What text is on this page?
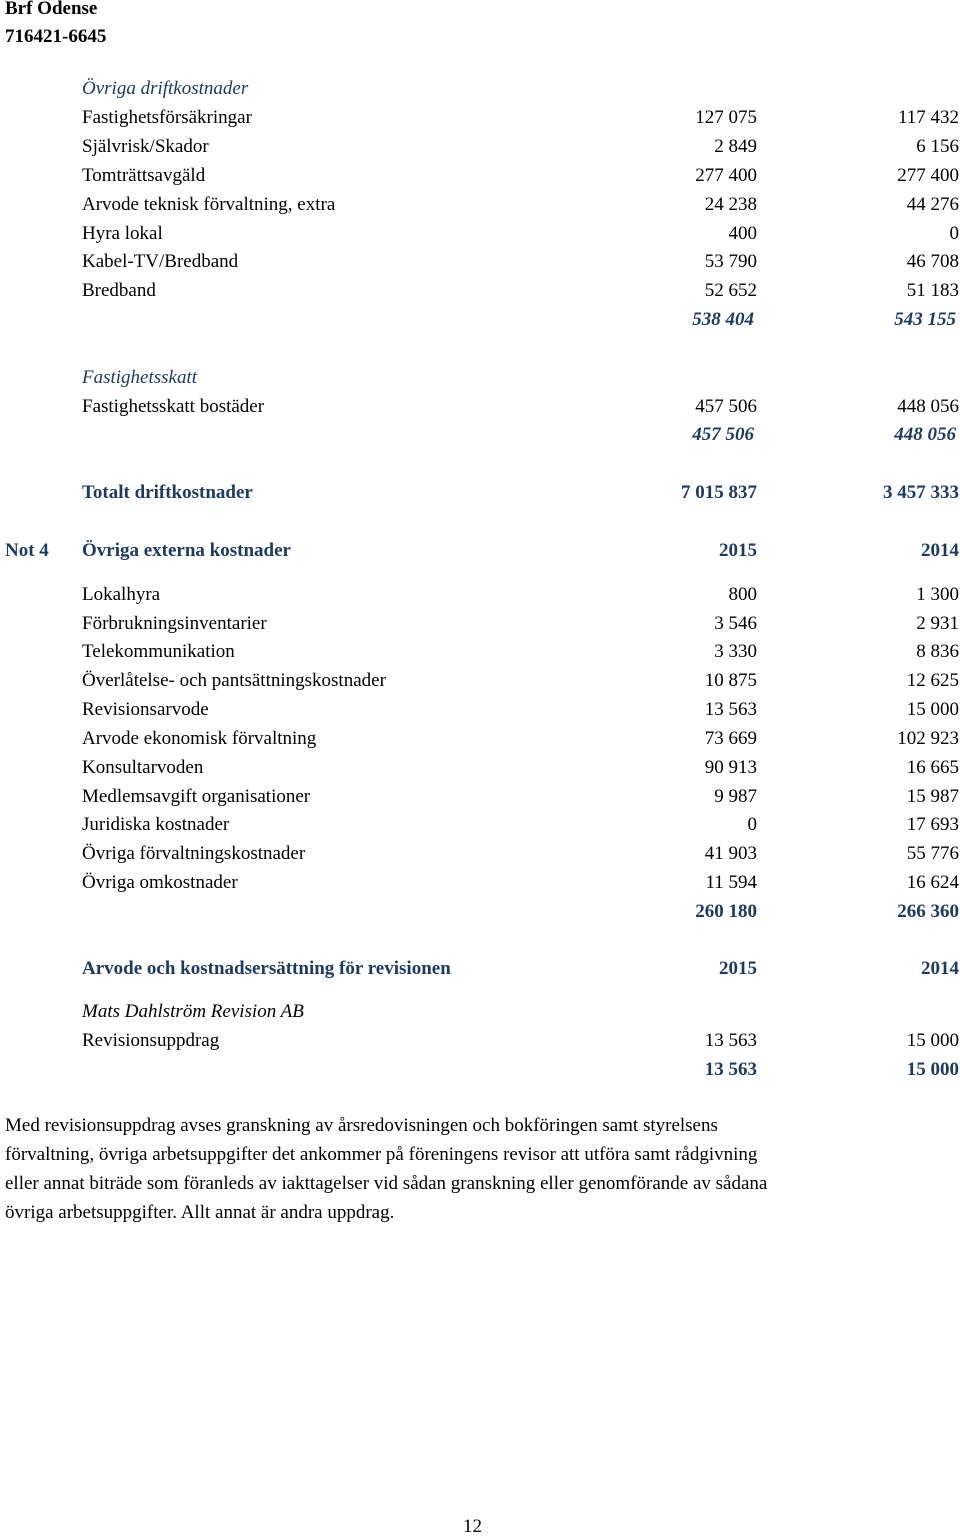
Brf Odense
716421-6645
Övriga driftkostnader
Fastighetsförsäkringar	127 075	117 432
Självrisk/Skador	2 849	6 156
Tomträttsavgäld	277 400	277 400
Arvode teknisk förvaltning, extra	24 238	44 276
Hyra lokal	400	0
Kabel-TV/Bredband	53 790	46 708
Bredband	52 652	51 183
538 404	543 155
Fastighetsskatt
Fastighetsskatt bostäder	457 506	448 056
457 506	448 056
Totalt driftkostnader	7 015 837	3 457 333
Not 4 Övriga externa kostnader	2015	2014
Lokalhyra	800	1 300
Förbrukningsinventarier	3 546	2 931
Telekommunikation	3 330	8 836
Överlåtelse- och pantsättningskostnader	10 875	12 625
Revisionsarvode	13 563	15 000
Arvode ekonomisk förvaltning	73 669	102 923
Konsultarvoden	90 913	16 665
Medlemsavgift organisationer	9 987	15 987
Juridiska kostnader	0	17 693
Övriga förvaltningskostnader	41 903	55 776
Övriga omkostnader	11 594	16 624
260 180	266 360
Arvode och kostnadsersättning för revisionen	2015	2014
Mats Dahlström Revision AB
Revisionsuppdrag	13 563	15 000
13 563	15 000
Med revisionsuppdrag avses granskning av årsredovisningen och bokföringen samt styrelsens
förvaltning, övriga arbetsuppgifter det ankommer på föreningens revisor att utföra samt rådgivning
eller annat biträde som föranleds av iakttagelser vid sådan granskning eller genomförande av sådana
övriga arbetsuppgifter. Allt annat är andra uppdrag.
12
